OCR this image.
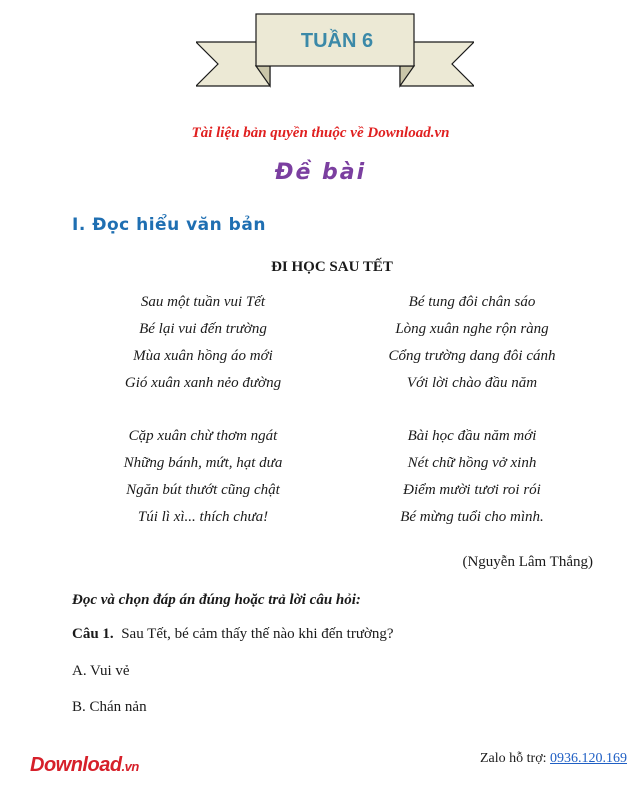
TUẦN 6
Tài liệu bản quyền thuộc về Download.vn
Đề bài
I. Đọc hiểu văn bản
ĐI HỌC SAU TẾT
Sau một tuần vui Tết
Bé lại vui đến trường
Mùa xuân hồng áo mới
Gió xuân xanh nẻo đường
Bé tung đôi chân sáo
Lòng xuân nghe rộn ràng
Cổng trường dang đôi cánh
Với lời chào đầu năm
Cặp xuân chừ thơm ngát
Những bánh, mứt, hạt dưa
Ngăn bút thướt cũng chật
Túi lì xì... thích chưa!
Bài học đầu năm mới
Nét chữ hồng vở xinh
Điểm mười tươi roi rói
Bé mừng tuổi cho mình.
(Nguyễn Lâm Thắng)
Đọc và chọn đáp án đúng hoặc trả lời câu hỏi:
Câu 1. Sau Tết, bé cảm thấy thế nào khi đến trường?
A. Vui vẻ
B. Chán nản
Download.vn
Zalo hỗ trợ: 0936.120.169
